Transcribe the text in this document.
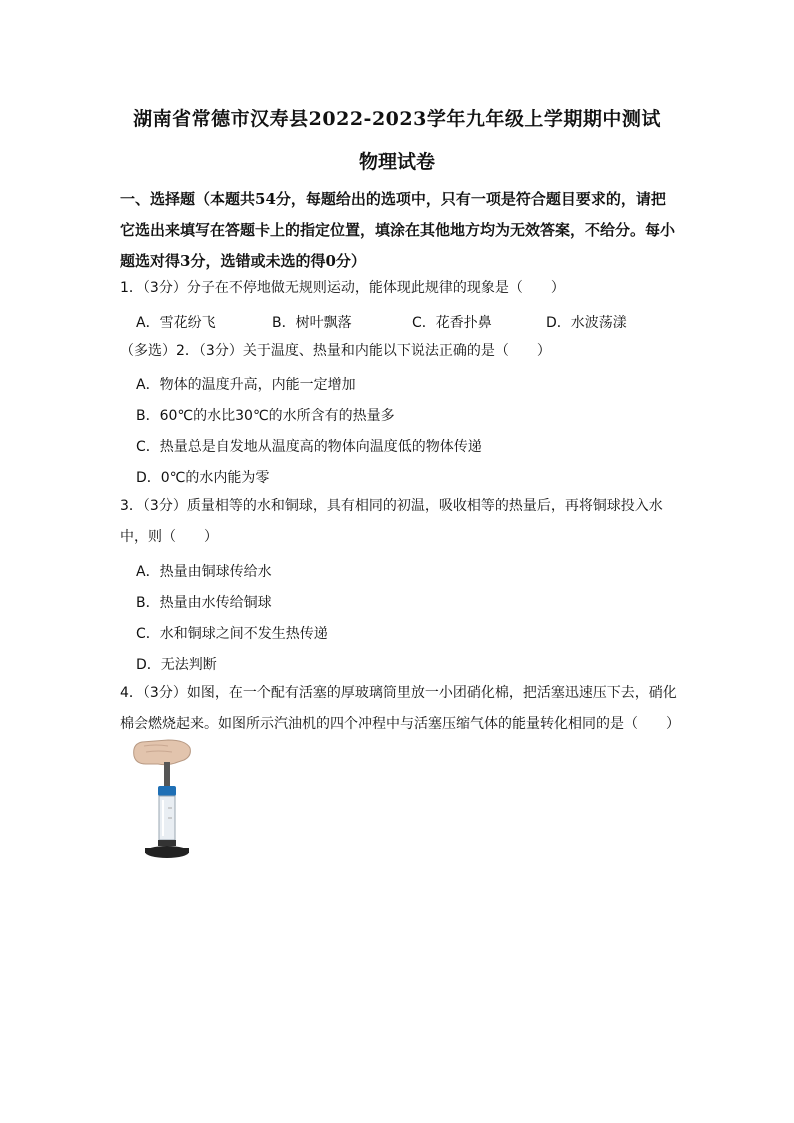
湖南省常德市汉寿县2022-2023学年九年级上学期期中测试
物理试卷
一、选择题（本题共54分，每题给出的选项中，只有一项是符合题目要求的，请把它选出来填写在答题卡上的指定位置，填涂在其他地方均为无效答案，不给分。每小题选对得3分，选错或未选的得0分）
1．（3分）分子在不停地做无规则运动，能体现此规律的现象是（　　）
A．雪花纷飞	B．树叶飘落	C．花香扑鼻	D．水波荡漾
（多选）2．（3分）关于温度、热量和内能以下说法正确的是（　　）
A．物体的温度升高，内能一定增加
B．60℃的水比30℃的水所含有的热量多
C．热量总是自发地从温度高的物体向温度低的物体传递
D．0℃的水内能为零
3．（3分）质量相等的水和铜球，具有相同的初温，吸收相等的热量后，再将铜球投入水中，则（　　）
A．热量由铜球传给水
B．热量由水传给铜球
C．水和铜球之间不发生热传递
D．无法判断
4．（3分）如图，在一个配有活塞的厚玻璃筒里放一小团硝化棉，把活塞迅速压下去，硝化棉会燃烧起来。如图所示汽油机的四个冲程中与活塞压缩气体的能量转化相同的是（　　）
